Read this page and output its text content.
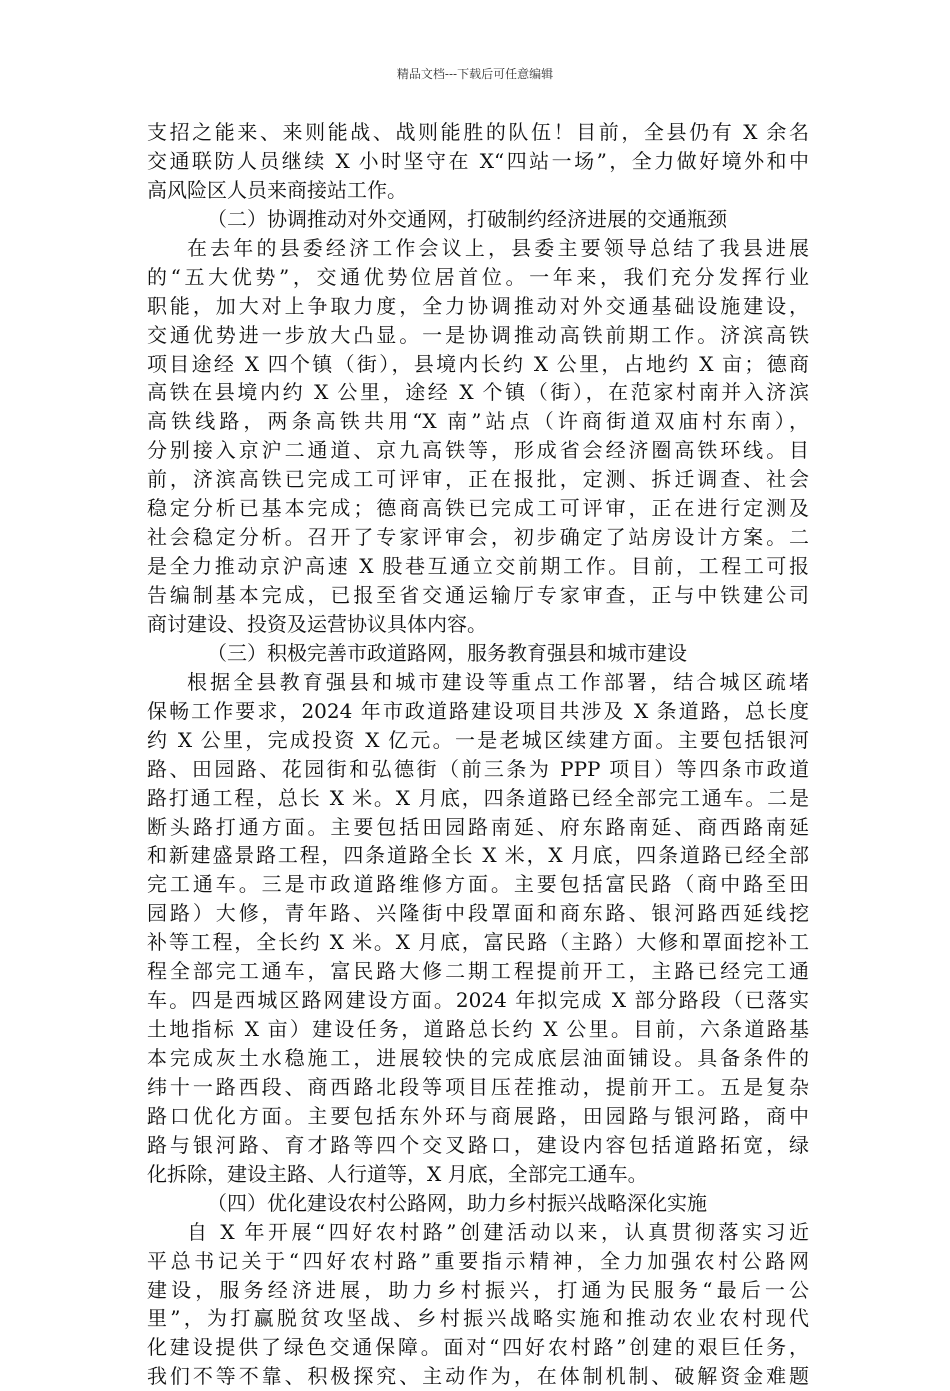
精品文档---下载后可任意编辑
支招之能来、来则能战、战则能胜的队伍！目前，全县仍有 X 余名
交通联防人员继续 X 小时坚守在 X“四站一场”，全力做好境外和中
高风险区人员来商接站工作。
（二）协调推动对外交通网，打破制约经济进展的交通瓶颈
在去年的县委经济工作会议上，县委主要领导总结了我县进展
的“五大优势”，交通优势位居首位。一年来，我们充分发挥行业
职能，加大对上争取力度，全力协调推动对外交通基础设施建设，
交通优势进一步放大凸显。一是协调推动高铁前期工作。济滨高铁
项目途经 X 四个镇（街），县境内长约 X 公里，占地约 X 亩；德商
高铁在县境内约 X 公里，途经 X 个镇（街），在范家村南并入济滨
高铁线路，两条高铁共用“X 南”站点（许商街道双庙村东南），
分别接入京沪二通道、京九高铁等，形成省会经济圈高铁环线。目
前，济滨高铁已完成工可评审，正在报批，定测、拆迁调查、社会
稳定分析已基本完成；德商高铁已完成工可评审，正在进行定测及
社会稳定分析。召开了专家评审会，初步确定了站房设计方案。二
是全力推动京沪高速 X 股巷互通立交前期工作。目前，工程工可报
告编制基本完成，已报至省交通运输厅专家审查，正与中铁建公司
商讨建设、投资及运营协议具体内容。
（三）积极完善市政道路网，服务教育强县和城市建设
根据全县教育强县和城市建设等重点工作部署，结合城区疏堵
保畅工作要求，2024 年市政道路建设项目共涉及 X 条道路，总长度
约 X 公里，完成投资 X 亿元。一是老城区续建方面。主要包括银河
路、田园路、花园街和弘德街（前三条为 PPP 项目）等四条市政道
路打通工程，总长 X 米。X 月底，四条道路已经全部完工通车。二是
断头路打通方面。主要包括田园路南延、府东路南延、商西路南延
和新建盛景路工程，四条道路全长 X 米，X 月底，四条道路已经全部
完工通车。三是市政道路维修方面。主要包括富民路（商中路至田
园路）大修，青年路、兴隆街中段罩面和商东路、银河路西延线挖
补等工程，全长约 X 米。X 月底，富民路（主路）大修和罩面挖补工
程全部完工通车，富民路大修二期工程提前开工，主路已经完工通
车。四是西城区路网建设方面。2024 年拟完成 X 部分路段（已落实
土地指标 X 亩）建设任务，道路总长约 X 公里。目前，六条道路基
本完成灰土水稳施工，进展较快的完成底层油面铺设。具备条件的
纬十一路西段、商西路北段等项目压茬推动，提前开工。五是复杂
路口优化方面。主要包括东外环与商展路，田园路与银河路，商中
路与银河路、育才路等四个交叉路口，建设内容包括道路拓宽，绿
化拆除，建设主路、人行道等，X 月底，全部完工通车。
（四）优化建设农村公路网，助力乡村振兴战略深化实施
自 X 年开展“四好农村路”创建活动以来，认真贯彻落实习近
平总书记关于“四好农村路”重要指示精神，全力加强农村公路网
建设，服务经济进展，助力乡村振兴，打通为民服务“最后一公
里”，为打赢脱贫攻坚战、乡村振兴战略实施和推动农业农村现代
化建设提供了绿色交通保障。面对“四好农村路”创建的艰巨任务，
我们不等不靠、积极探究、主动作为，在体制机制、破解资金难题
